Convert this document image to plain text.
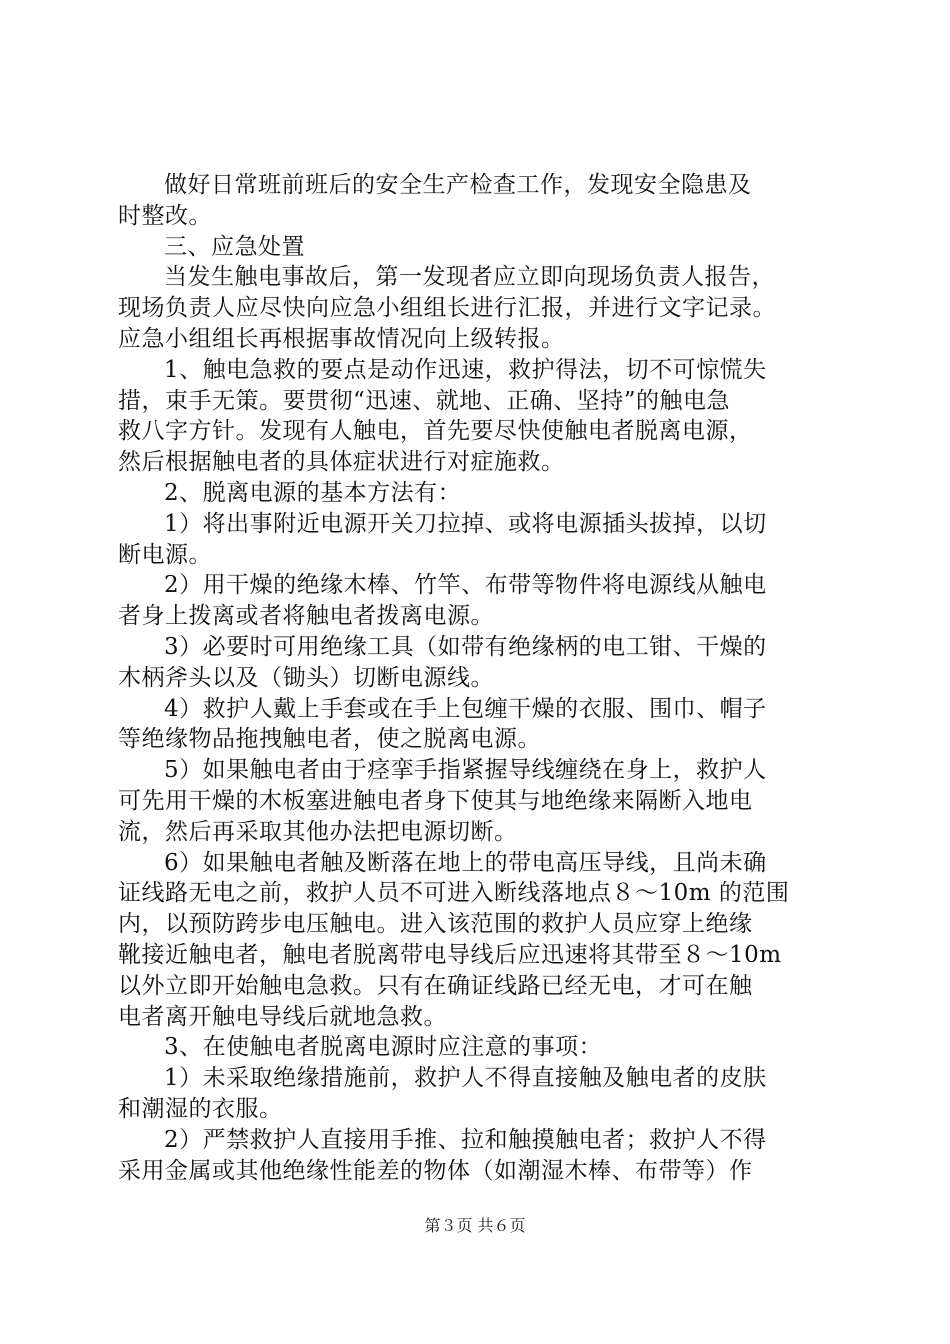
做好日常班前班后的安全生产检查工作，发现安全隐患及
时整改。
三、应急处置
当发生触电事故后，第一发现者应立即向现场负责人报告，
现场负责人应尽快向应急小组组长进行汇报，并进行文字记录。
应急小组组长再根据事故情况向上级转报。
1、触电急救的要点是动作迅速，救护得法，切不可惊慌失
措，束手无策。要贯彻“迅速、就地、正确、坚持”的触电急
救八字方针。发现有人触电，首先要尽快使触电者脱离电源，
然后根据触电者的具体症状进行对症施救。
2、脱离电源的基本方法有：
1）将出事附近电源开关刀拉掉、或将电源插头拔掉，以切
断电源。
2）用干燥的绝缘木棒、竹竿、布带等物件将电源线从触电
者身上拨离或者将触电者拨离电源。
3）必要时可用绝缘工具（如带有绝缘柄的电工钳、干燥的
木柄斧头以及（锄头）切断电源线。
4）救护人戴上手套或在手上包缠干燥的衣服、围巾、帽子
等绝缘物品拖拽触电者，使之脱离电源。
5）如果触电者由于痉挛手指紧握导线缠绕在身上，救护人
可先用干燥的木板塞进触电者身下使其与地绝缘来隔断入地电
流，然后再采取其他办法把电源切断。
6）如果触电者触及断落在地上的带电高压导线，且尚未确
证线路无电之前，救护人员不可进入断线落地点８～10m 的范围
内，以预防跨步电压触电。进入该范围的救护人员应穿上绝缘
靴接近触电者，触电者脱离带电导线后应迅速将其带至８～10m
以外立即开始触电急救。只有在确证线路已经无电，才可在触
电者离开触电导线后就地急救。
3、在使触电者脱离电源时应注意的事项：
1）未采取绝缘措施前，救护人不得直接触及触电者的皮肤
和潮湿的衣服。
2）严禁救护人直接用手推、拉和触摸触电者；救护人不得
采用金属或其他绝缘性能差的物体（如潮湿木棒、布带等）作
第３页 共６页
